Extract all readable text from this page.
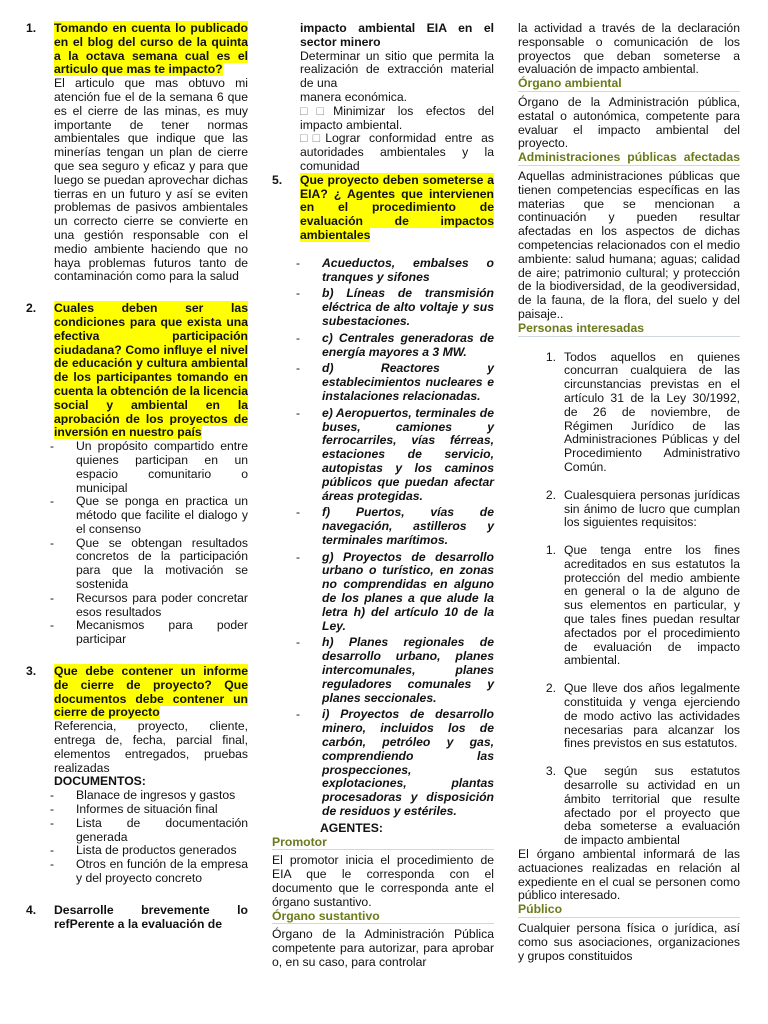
1.	Tomando en cuenta lo publicado en el blog del curso de la quinta a la octava semana cual es el articulo que mas te impacto?

El articulo que mas obtuvo mi atención fue el de la semana 6 que es el cierre de las minas, es muy importante de tener normas ambientales que indique que las minerías tengan un plan de cierre que sea seguro y eficaz y para que luego se puedan aprovechar dichas tierras en un futuro y así se eviten problemas de pasivos ambientales un correcto cierre se convierte en una gestión responsable con el medio ambiente haciendo que no haya problemas futuros tanto de contaminación como para la salud

2.	Cuales deben ser las condiciones para que exista una efectiva participación ciudadana? Como influye el nivel de educación y cultura ambiental de los participantes tomando en cuenta la obtención de la licencia social y ambiental en la aprobación de los proyectos de inversión en nuestro país
-	Un propósito compartido entre quienes participan en un espacio comunitario o municipal
-	Que se ponga en practica un método que facilite el dialogo y el consenso
-	Que se obtengan resultados concretos de la participación para que la motivación se sostenida
-	Recursos para poder concretar esos resultados
-	Mecanismos para poder participar
3.	Que debe contener un informe de cierre de proyecto? Que documentos debe contener un cierre de proyecto

Referencia, proyecto, cliente, entrega de, fecha, parcial final, elementos entregados, pruebas realizadas

DOCUMENTOS:

-	Blanace de ingresos y gastos
-	Informes de situación final
-	Lista de documentación generada
-	Lista de productos generados
-	Otros en función de la empresa y del proyecto concreto
4.	Desarrolle brevemente lo refPerente a la evaluación de

impacto ambiental EIA en el sector minero

Determinar un sitio que permita la realización de extracción material de una

manera económica.

□□Minimizar los efectos del impacto ambiental.

□□Lograr conformidad entre as autoridades ambientales y la comunidad

5.	Que proyecto deben someterse a EIA? ¿ Agentes que intervienen en el procedimiento de evaluación de impactos ambientales
-	Acueductos, embalses o tranques y sifones
-	b) Líneas de transmisión eléctrica de alto voltaje y sus subestaciones.
-	c) Centrales generadoras de energía mayores a 3 MW.
-	d) Reactores y establecimientos nucleares e instalaciones relacionadas.
-	e) Aeropuertos, terminales de buses, camiones y ferrocarriles, vías férreas, estaciones de servicio, autopistas y los caminos públicos que puedan afectar áreas protegidas.
-	f) Puertos, vías de navegación, astilleros y terminales marítimos.
-	g) Proyectos de desarrollo urbano o turístico, en zonas no comprendidas en alguno de los planes a que alude la letra h) del artículo 10 de la Ley.
-	h) Planes regionales de desarrollo urbano, planes intercomunales, planes reguladores comunales y planes seccionales.
-	i) Proyectos de desarrollo minero, incluidos los de carbón, petróleo y gas, comprendiendo las prospecciones, explotaciones, plantas procesadoras y disposición de residuos y estériles.

AGENTES:

Promotor

El promotor inicia el procedimiento de EIA que le corresponda con el documento que le corresponda ante el órgano sustantivo.

Órgano sustantivo

Órgano de la Administración Pública competente para autorizar, para aprobar o, en su caso, para controlar

la actividad a través de la declaración responsable o comunicación de los proyectos que deban someterse a evaluación de impacto ambiental.

Órgano ambiental

Órgano de la Administración pública, estatal o autonómica, competente para evaluar el impacto ambiental del proyecto.

Administraciones públicas afectadas

Aquellas administraciones públicas que tienen competencias específicas en las materias que se mencionan a continuación y pueden resultar afectadas en los aspectos de dichas competencias relacionados con el medio ambiente: salud humana; aguas; calidad de aire; patrimonio cultural; y protección de la biodiversidad, de la geodiversidad, de la fauna, de la flora, del suelo y del paisaje..

Personas interesadas

1. Todos aquellos en quienes concurran cualquiera de las circunstancias previstas en el artículo 31 de la Ley 30/1992, de 26 de noviembre, de Régimen Jurídico de las Administraciones Públicas y del Procedimiento Administrativo Común.
2. Cualesquiera personas jurídicas sin ánimo de lucro que cumplan los siguientes requisitos:
1. Que tenga entre los fines acreditados en sus estatutos la protección del medio ambiente en general o la de alguno de sus elementos en particular, y que tales fines puedan resultar afectados por el procedimiento de evaluación de impacto ambiental.
2. Que lleve dos años legalmente constituida y venga ejerciendo de modo activo las actividades necesarias para alcanzar los fines previstos en sus estatutos.
3. Que según sus estatutos desarrolle su actividad en un ámbito territorial que resulte afectado por el proyecto que deba someterse a evaluación de impacto ambiental

El órgano ambiental informará de las actuaciones realizadas en relación al expediente en el cual se personen como público interesado.

Público

Cualquier persona física o jurídica, así como sus asociaciones, organizaciones y grupos constituidos
